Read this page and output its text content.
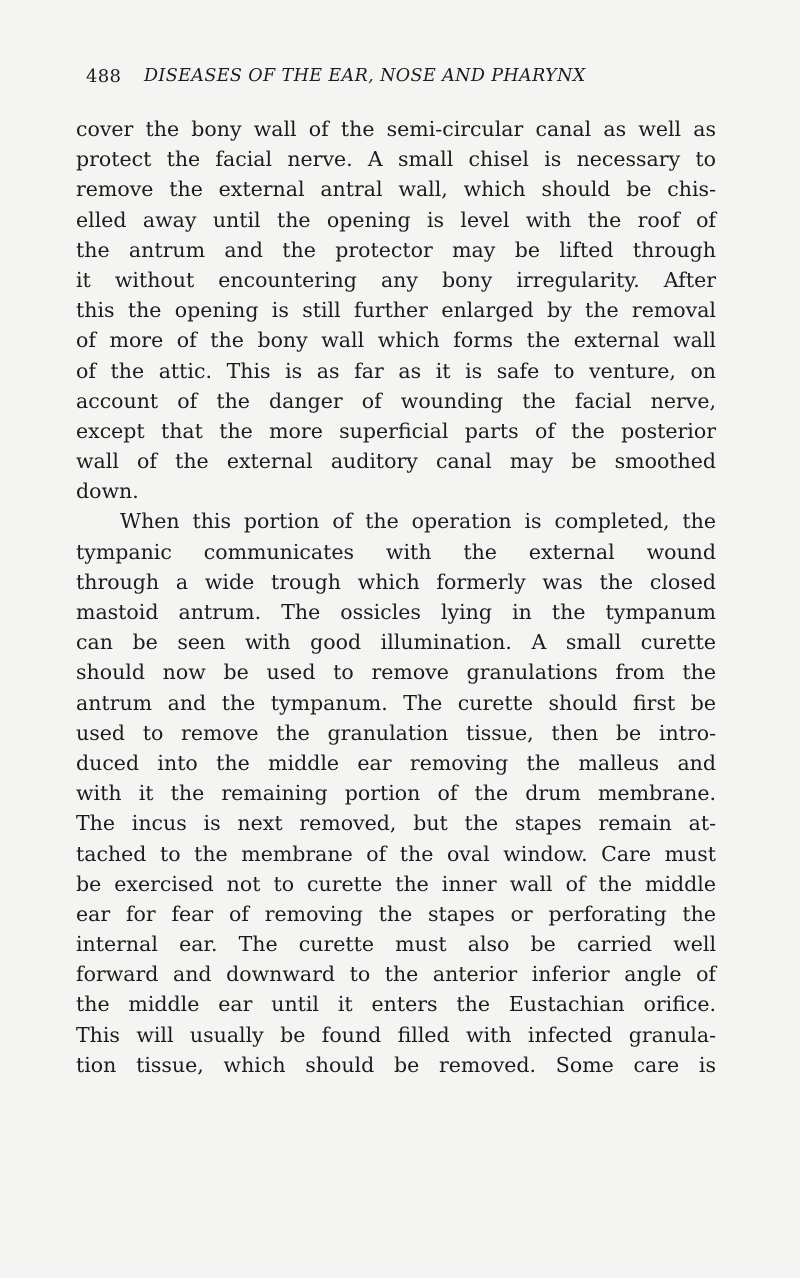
488 DISEASES OF THE EAR, NOSE AND PHARYNX
cover the bony wall of the semi-circular canal as well as
protect the facial nerve. A small chisel is necessary to
remove the external antral wall, which should be chis-
elled away until the opening is level with the roof of
the antrum and the protector may be lifted through
it without encountering any bony irregularity. After
this the opening is still further enlarged by the removal
of more of the bony wall which forms the external wall
of the attic. This is as far as it is safe to venture, on
account of the danger of wounding the facial nerve,
except that the more superficial parts of the posterior
wall of the external auditory canal may be smoothed
down.
When this portion of the operation is completed, the
tympanic communicates with the external wound
through a wide trough which formerly was the closed
mastoid antrum. The ossicles lying in the tympanum
can be seen with good illumination. A small curette
should now be used to remove granulations from the
antrum and the tympanum. The curette should first be
used to remove the granulation tissue, then be intro-
duced into the middle ear removing the malleus and
with it the remaining portion of the drum membrane.
The incus is next removed, but the stapes remain at-
tached to the membrane of the oval window. Care must
be exercised not to curette the inner wall of the middle
ear for fear of removing the stapes or perforating the
internal ear. The curette must also be carried well
forward and downward to the anterior inferior angle of
the middle ear until it enters the Eustachian orifice.
This will usually be found filled with infected granula-
tion tissue, which should be removed. Some care is
